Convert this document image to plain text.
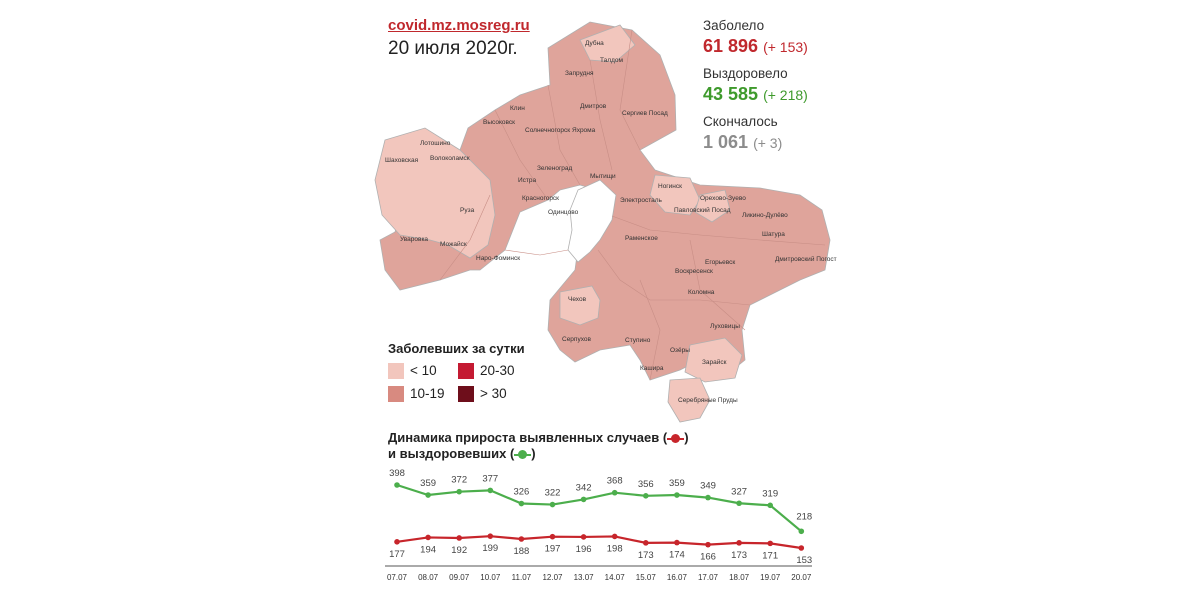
covid.mz.mosreg.ru
20 июля 2020г.	Дубна
Талдом
Запрудня
Клин	Дмитров
Сергиев Посад
Высоковск
Солнечногорск Яхрома
Лотошино
Шаховская Волоколамск
Зеленоград
Мытищи
Истра
Ногинск
Орехово-Зуево
Руза
Красногорск	Электросталь
Павловский Посад
Ликино-Дулёво
Одинцово
Раменское
Шатура
Уваровка
Можайск
Наро-Фоминск
Воскресенск
Егорьевск	Дмитровский Погост
Чехов
Коломна
Серпухов	Ступино
Луховицы
Озёры
Кашира
Зарайск
Серебряные Пруды
Заболело
61 896 (+ 153)
Выздоровело
43 585 (+ 218)
Скончалось
1 061 (+ 3)
Заболевших за сутки
< 10
10-19
20-30
> 30
Динамика прироста выявленных случаев ( )
и выздоровевших ( )
398
359 372 377
326 322 342
368 356 359 349
327 319
218
177 194 192 199 188 197 196 198
173 174 166 173 171 153
07.07 08.07 09.07 10.07 11.07 12.07 13.07 14.07 15.07 16.07 17.07 18.07 19.07 20.07
